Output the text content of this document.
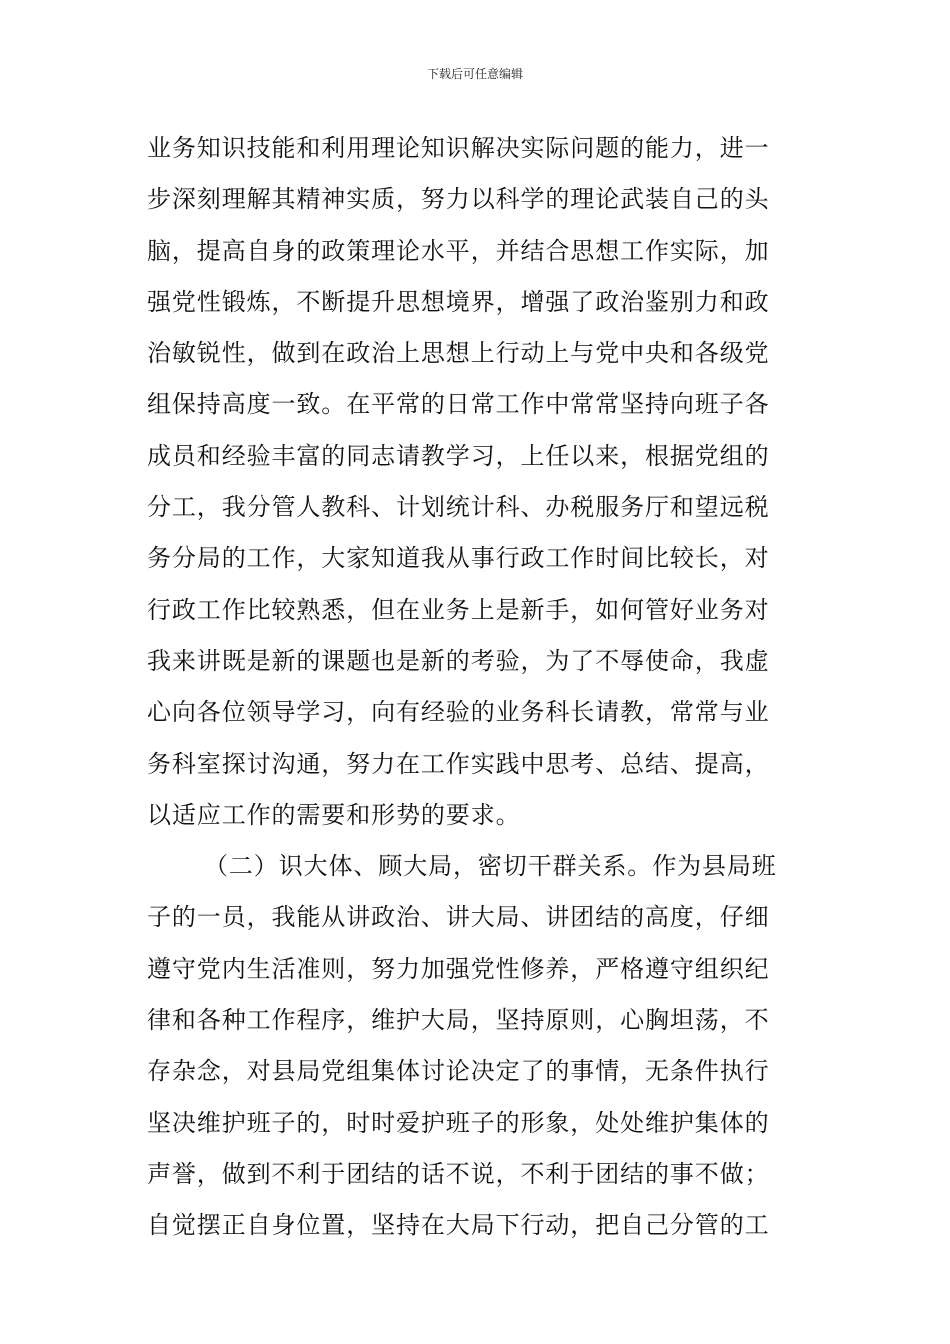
下载后可任意编辑
业务知识技能和利用理论知识解决实际问题的能力，进一
步深刻理解其精神实质，努力以科学的理论武装自己的头
脑，提高自身的政策理论水平，并结合思想工作实际，加
强党性锻炼，不断提升思想境界，增强了政治鉴别力和政
治敏锐性，做到在政治上思想上行动上与党中央和各级党
组保持高度一致。在平常的日常工作中常常坚持向班子各
成员和经验丰富的同志请教学习，上任以来，根据党组的
分工，我分管人教科、计划统计科、办税服务厅和望远税
务分局的工作，大家知道我从事行政工作时间比较长，对
行政工作比较熟悉，但在业务上是新手，如何管好业务对
我来讲既是新的课题也是新的考验，为了不辱使命，我虚
心向各位领导学习，向有经验的业务科长请教，常常与业
务科室探讨沟通，努力在工作实践中思考、总结、提高，
以适应工作的需要和形势的要求。
（二）识大体、顾大局，密切干群关系。作为县局班
子的一员，我能从讲政治、讲大局、讲团结的高度，仔细
遵守党内生活准则，努力加强党性修养，严格遵守组织纪
律和各种工作程序，维护大局，坚持原则，心胸坦荡，不
存杂念，对县局党组集体讨论决定了的事情，无条件执行
坚决维护班子的，时时爱护班子的形象，处处维护集体的
声誉，做到不利于团结的话不说，不利于团结的事不做；
自觉摆正自身位置，坚持在大局下行动，把自己分管的工
